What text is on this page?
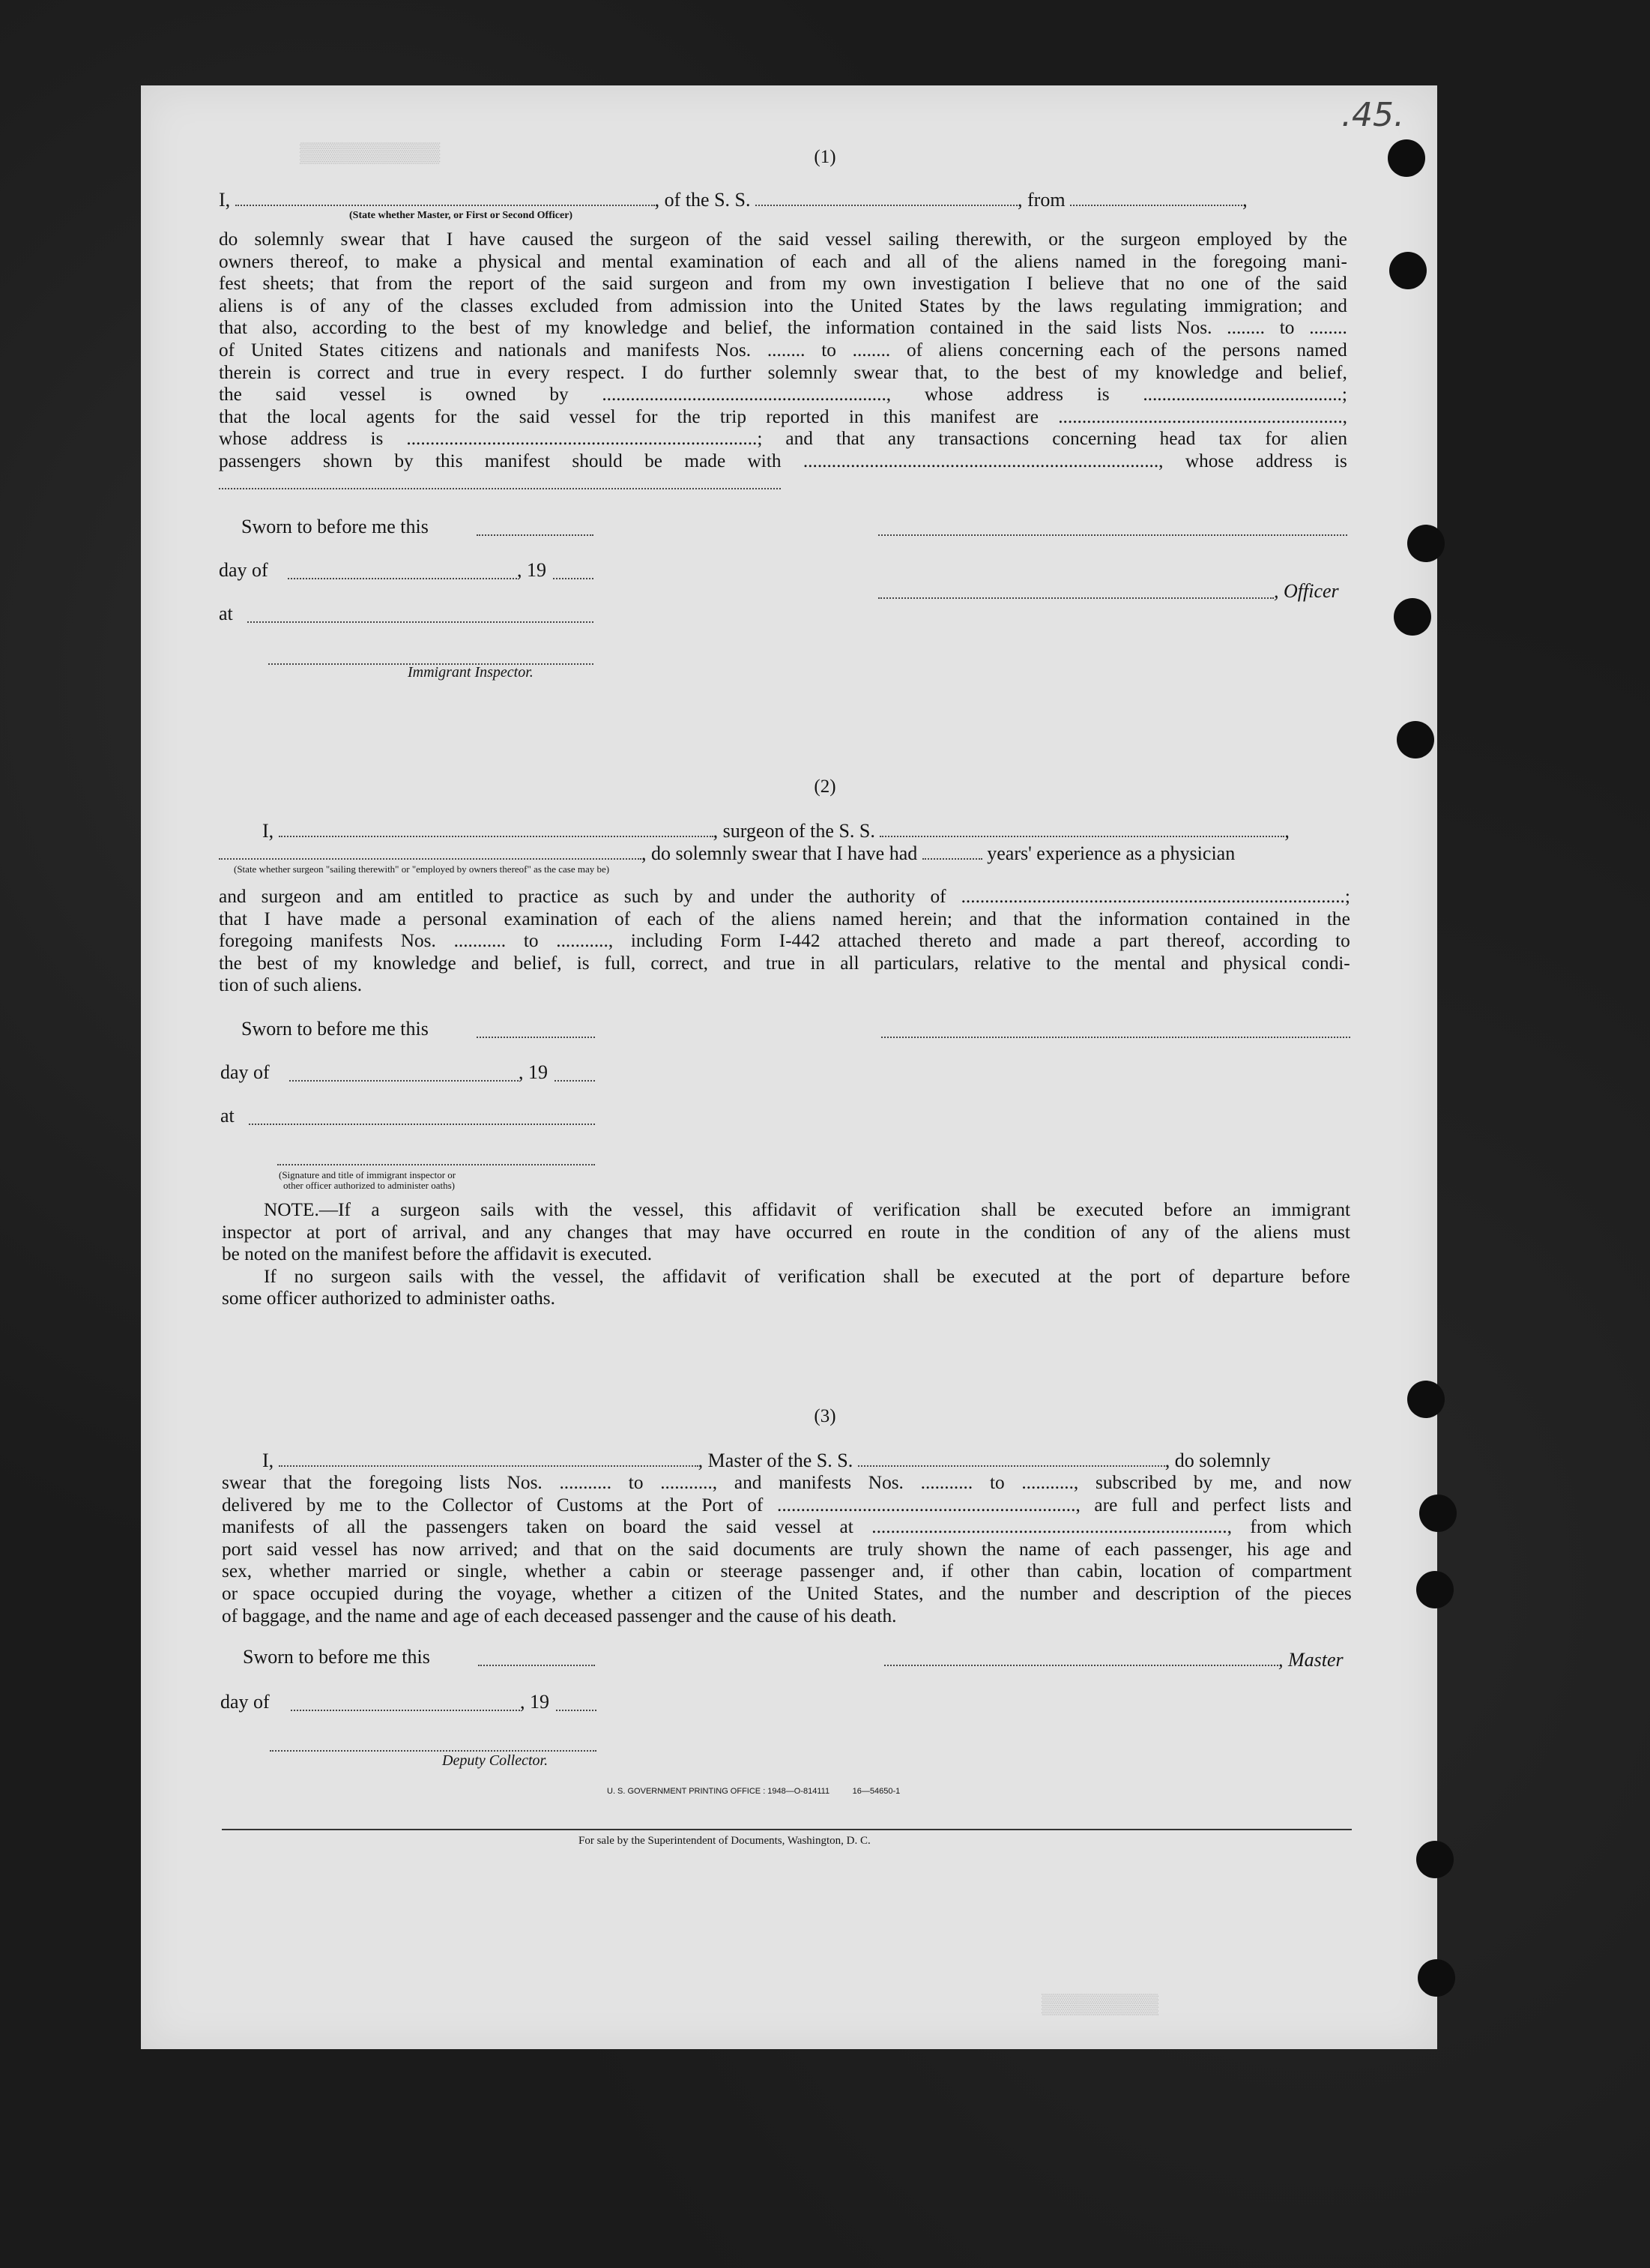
.45.
▒▒▒▒▒▒▒▒▒▒▒▒
▒▒▒▒▒▒▒▒▒▒
(1)
I,	, of the S. S.	, from	,
(State whether Master, or First or Second Officer)
do solemnly swear that I have caused the surgeon of the said vessel sailing therewith, or the surgeon employed by the
owners thereof, to make a physical and mental examination of each and all of the aliens named in the foregoing mani-
fest sheets; that from the report of the said surgeon and from my own investigation I believe that no one of the said
aliens is of any of the classes excluded from admission into the United States by the laws regulating immigration; and
that also, according to the best of my knowledge and belief, the information contained in the said lists Nos. ........ to ........
of United States citizens and nationals and manifests Nos. ........ to ........ of aliens concerning each of the persons named
therein is correct and true in every respect. I do further solemnly swear that, to the best of my knowledge and belief,
the said vessel is owned by ............................................................, whose address is ..........................................;
that the local agents for the said vessel for the trip reported in this manifest are ............................................................,
whose address is ..........................................................................; and that any transactions concerning head tax for alien
passengers shown by this manifest should be made with ..........................................................................., whose address is
Sworn to before me this
day of	, 19
, Officer
at
Immigrant Inspector.
(2)
I,	, surgeon of the S. S.	,
, do solemnly swear that I have had	years' experience as a physician
(State whether surgeon "sailing therewith" or "employed by owners thereof" as the case may be)
and surgeon and am entitled to practice as such by and under the authority of .................................................................................;
that I have made a personal examination of each of the aliens named herein; and that the information contained in the
foregoing manifests Nos. ........... to ..........., including Form I-442 attached thereto and made a part thereof, according to
the best of my knowledge and belief, is full, correct, and true in all particulars, relative to the mental and physical condi-
tion of such aliens.
Sworn to before me this
day of	, 19
at
(Signature and title of immigrant inspector or
other officer authorized to administer oaths)
NOTE.—If a surgeon sails with the vessel, this affidavit of verification shall be executed before an immigrant
inspector at port of arrival, and any changes that may have occurred en route in the condition of any of the aliens must
be noted on the manifest before the affidavit is executed.
If no surgeon sails with the vessel, the affidavit of verification shall be executed at the port of departure before
some officer authorized to administer oaths.
(3)
I,	, Master of the S. S.	, do solemnly
swear that the foregoing lists Nos. ........... to ..........., and manifests Nos. ........... to ..........., subscribed by me, and now
delivered by me to the Collector of Customs at the Port of ..............................................................., are full and perfect lists and
manifests of all the passengers taken on board the said vessel at ..........................................................................., from which
port said vessel has now arrived; and that on the said documents are truly shown the name of each passenger, his age and
sex, whether married or single, whether a cabin or steerage passenger and, if other than cabin, location of compartment
or space occupied during the voyage, whether a citizen of the United States, and the number and description of the pieces
of baggage, and the name and age of each deceased passenger and the cause of his death.
Sworn to before me this	, Master
day of	, 19
Deputy Collector.
U. S. GOVERNMENT PRINTING OFFICE : 1948—O-814111          16—54650-1
For sale by the Superintendent of Documents, Washington, D. C.
